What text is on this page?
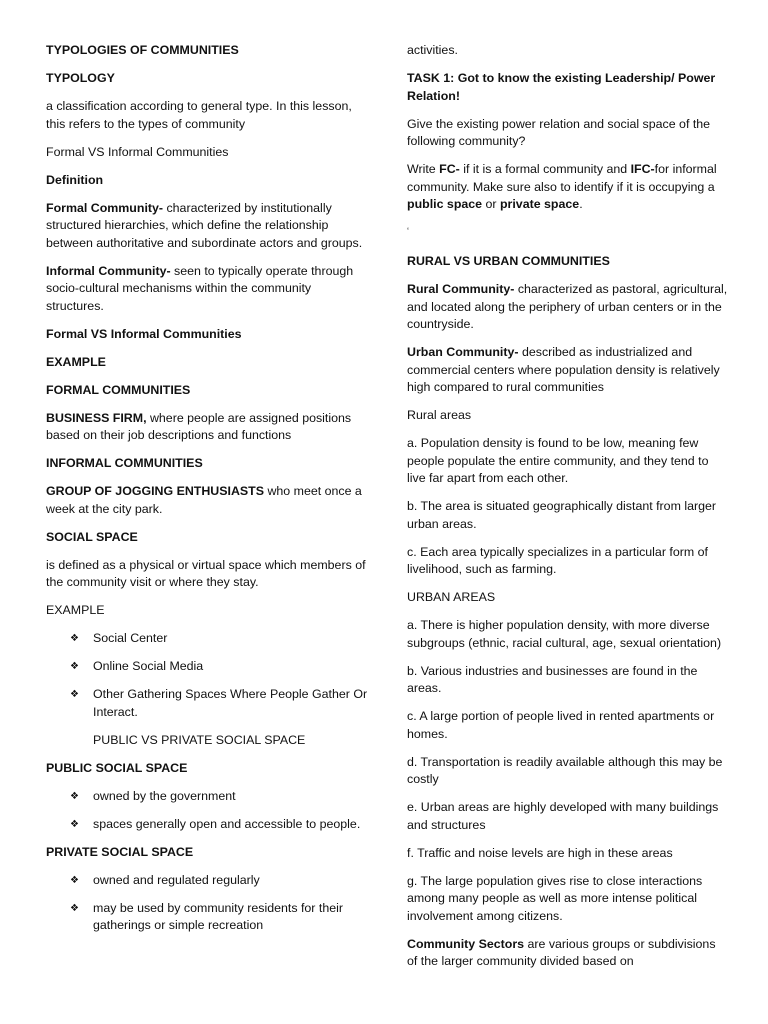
TYPOLOGIES OF COMMUNITIES

TYPOLOGY

a classification according to general type. In this lesson, this refers to the types of community

Formal VS Informal Communities

Definition

Formal Community- characterized by institutionally structured hierarchies, which define the relationship between authoritative and subordinate actors and groups.

Informal Community- seen to typically operate through socio-cultural mechanisms within the community structures.

Formal VS Informal Communities

EXAMPLE

FORMAL COMMUNITIES

BUSINESS FIRM, where people are assigned positions based on their job descriptions and functions

INFORMAL COMMUNITIES

GROUP OF JOGGING ENTHUSIASTS who meet once a week at the city park.

SOCIAL SPACE

is defined as a physical or virtual space which members of the community visit or where they stay.

EXAMPLE

❖ Social Center
❖ Online Social Media
❖ Other Gathering Spaces Where People Gather Or Interact.

PUBLIC VS PRIVATE SOCIAL SPACE

PUBLIC SOCIAL SPACE

❖ owned by the government
❖ spaces generally open and accessible to people.

PRIVATE SOCIAL SPACE

❖ owned and regulated regularly
❖ may be used by community residents for their gatherings or simple recreation

activities.

TASK 1: Got to know the existing Leadership/ Power Relation!

Give the existing power relation and social space of the following community?

Write FC- if it is a formal community and IFC-for informal community. Make sure also to identify if it is occupying a public space or private space.

‘

RURAL VS URBAN COMMUNITIES

Rural Community- characterized as pastoral, agricultural, and located along the periphery of urban centers or in the countryside.

Urban Community- described as industrialized and commercial centers where population density is relatively high compared to rural communities

Rural areas

a. Population density is found to be low, meaning few people populate the entire community, and they tend to live far apart from each other.

b. The area is situated geographically distant from larger urban areas.

c. Each area typically specializes in a particular form of livelihood, such as farming.

URBAN AREAS

a. There is higher population density, with more diverse subgroups (ethnic, racial cultural, age, sexual orientation)

b. Various industries and businesses are found in the areas.

c. A large portion of people lived in rented apartments or homes.

d. Transportation is readily available although this may be costly

e. Urban areas are highly developed with many buildings and structures

f. Traffic and noise levels are high in these areas

g. The large population gives rise to close interactions among many people as well as more intense political involvement among citizens.

Community Sectors are various groups or subdivisions of the larger community divided based on
